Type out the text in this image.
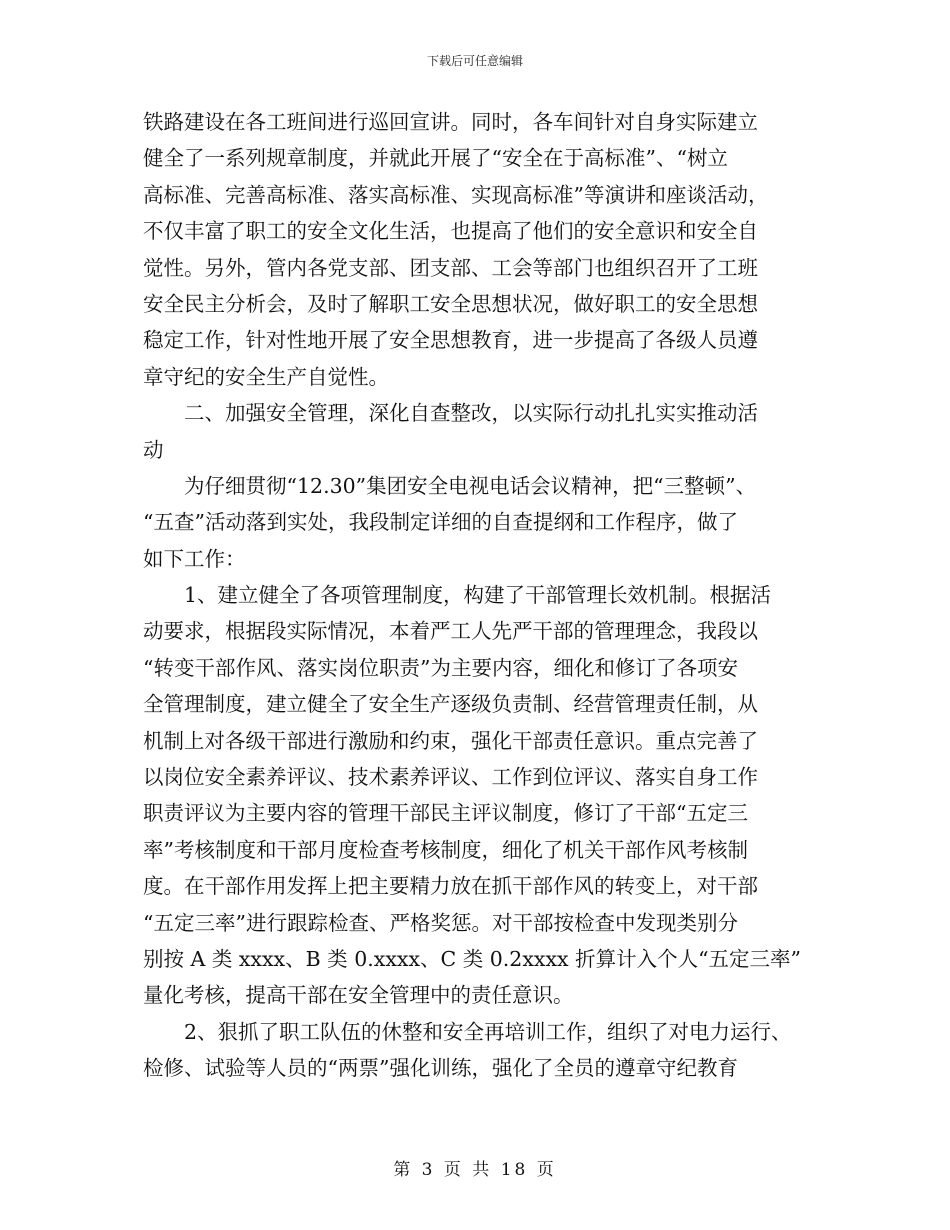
下载后可任意编辑
铁路建设在各工班间进行巡回宣讲。同时，各车间针对自身实际建立
健全了一系列规章制度，并就此开展了“安全在于高标准”、“树立
高标准、完善高标准、落实高标准、实现高标准”等演讲和座谈活动，
不仅丰富了职工的安全文化生活，也提高了他们的安全意识和安全自
觉性。另外，管内各党支部、团支部、工会等部门也组织召开了工班
安全民主分析会，及时了解职工安全思想状况，做好职工的安全思想
稳定工作，针对性地开展了安全思想教育，进一步提高了各级人员遵
章守纪的安全生产自觉性。
　　二、加强安全管理，深化自查整改，以实际行动扎扎实实推动活
动
　　为仔细贯彻“12.30”集团安全电视电话会议精神，把“三整顿”、
“五查”活动落到实处，我段制定详细的自查提纲和工作程序，做了
如下工作：
　　1、建立健全了各项管理制度，构建了干部管理长效机制。根据活
动要求，根据段实际情况，本着严工人先严干部的管理理念，我段以
“转变干部作风、落实岗位职责”为主要内容，细化和修订了各项安
全管理制度，建立健全了安全生产逐级负责制、经营管理责任制，从
机制上对各级干部进行激励和约束，强化干部责任意识。重点完善了
以岗位安全素养评议、技术素养评议、工作到位评议、落实自身工作
职责评议为主要内容的管理干部民主评议制度，修订了干部“五定三
率”考核制度和干部月度检查考核制度，细化了机关干部作风考核制
度。在干部作用发挥上把主要精力放在抓干部作风的转变上，对干部
“五定三率”进行跟踪检查、严格奖惩。对干部按检查中发现类别分
别按 A 类 xxxx、B 类 0.xxxx、C 类 0.2xxxx 折算计入个人“五定三率”
量化考核，提高干部在安全管理中的责任意识。
　　2、狠抓了职工队伍的休整和安全再培训工作，组织了对电力运行、
检修、试验等人员的“两票”强化训练，强化了全员的遵章守纪教育
第 3 页 共 18 页
